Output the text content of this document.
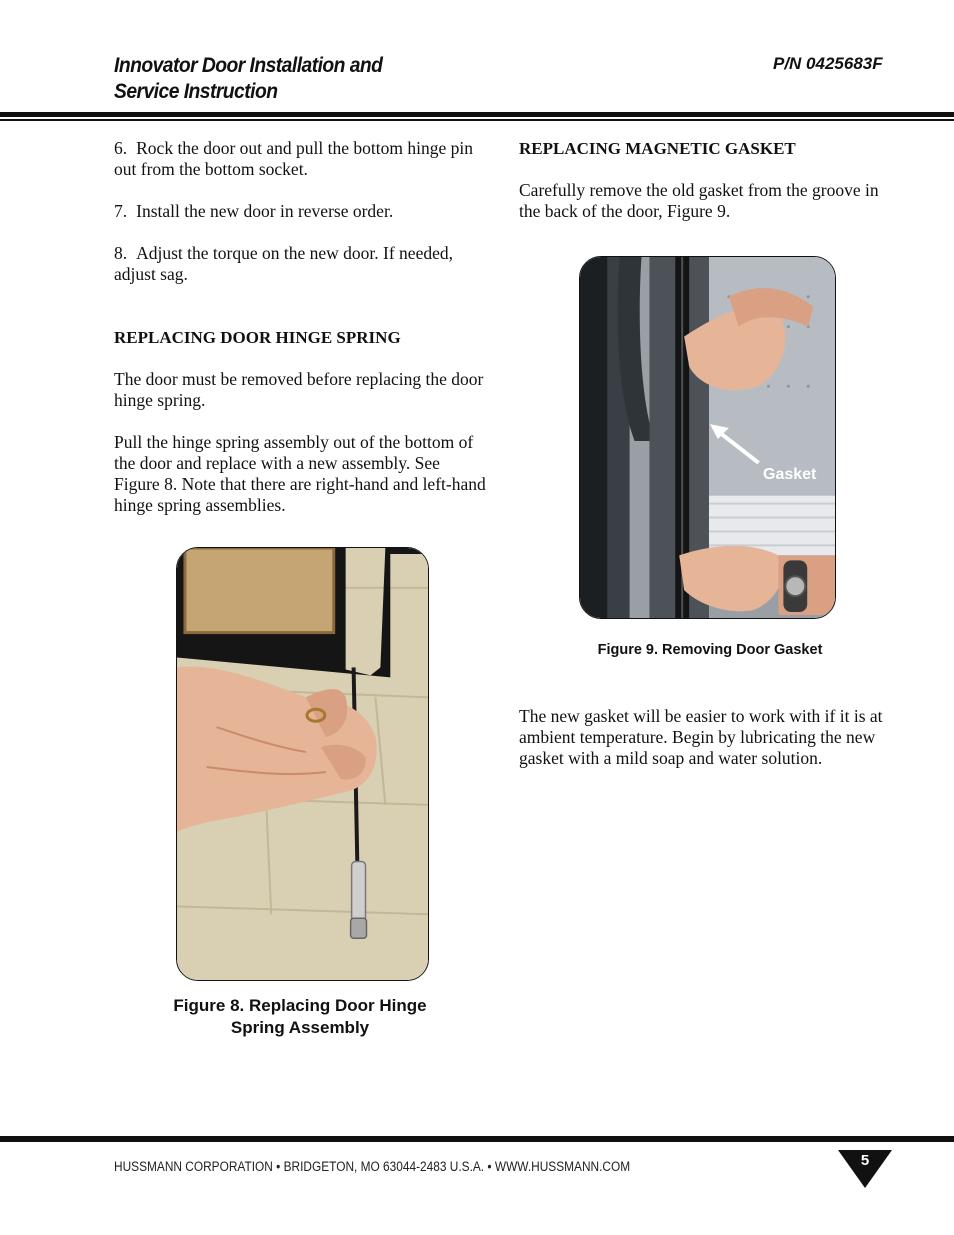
Innovator Door Installation and
Service Instruction
P/N 0425683F

6. Rock the door out and pull the bottom hinge pin out from the bottom socket.

7. Install the new door in reverse order.

8. Adjust the torque on the new door. If needed, adjust sag.

REPLACING DOOR HINGE SPRING

The door must be removed before replacing the door hinge spring.

Pull the hinge spring assembly out of the bottom of the door and replace with a new assembly. See Figure 8. Note that there are right-hand and left-hand hinge spring assemblies.

REPLACING MAGNETIC GASKET

Carefully remove the old gasket from the groove in the back of the door, Figure 9.

The new gasket will be easier to work with if it is at ambient temperature. Begin by lubricating the new gasket with a mild soap and water solution.

Figure 8. Replacing Door Hinge
Spring Assembly
Gasket
Figure 9. Removing Door Gasket
HUSSMANN CORPORATION • BRIDGETON, MO 63044-2483 U.S.A. • WWW.HUSSMANN.COM	5
